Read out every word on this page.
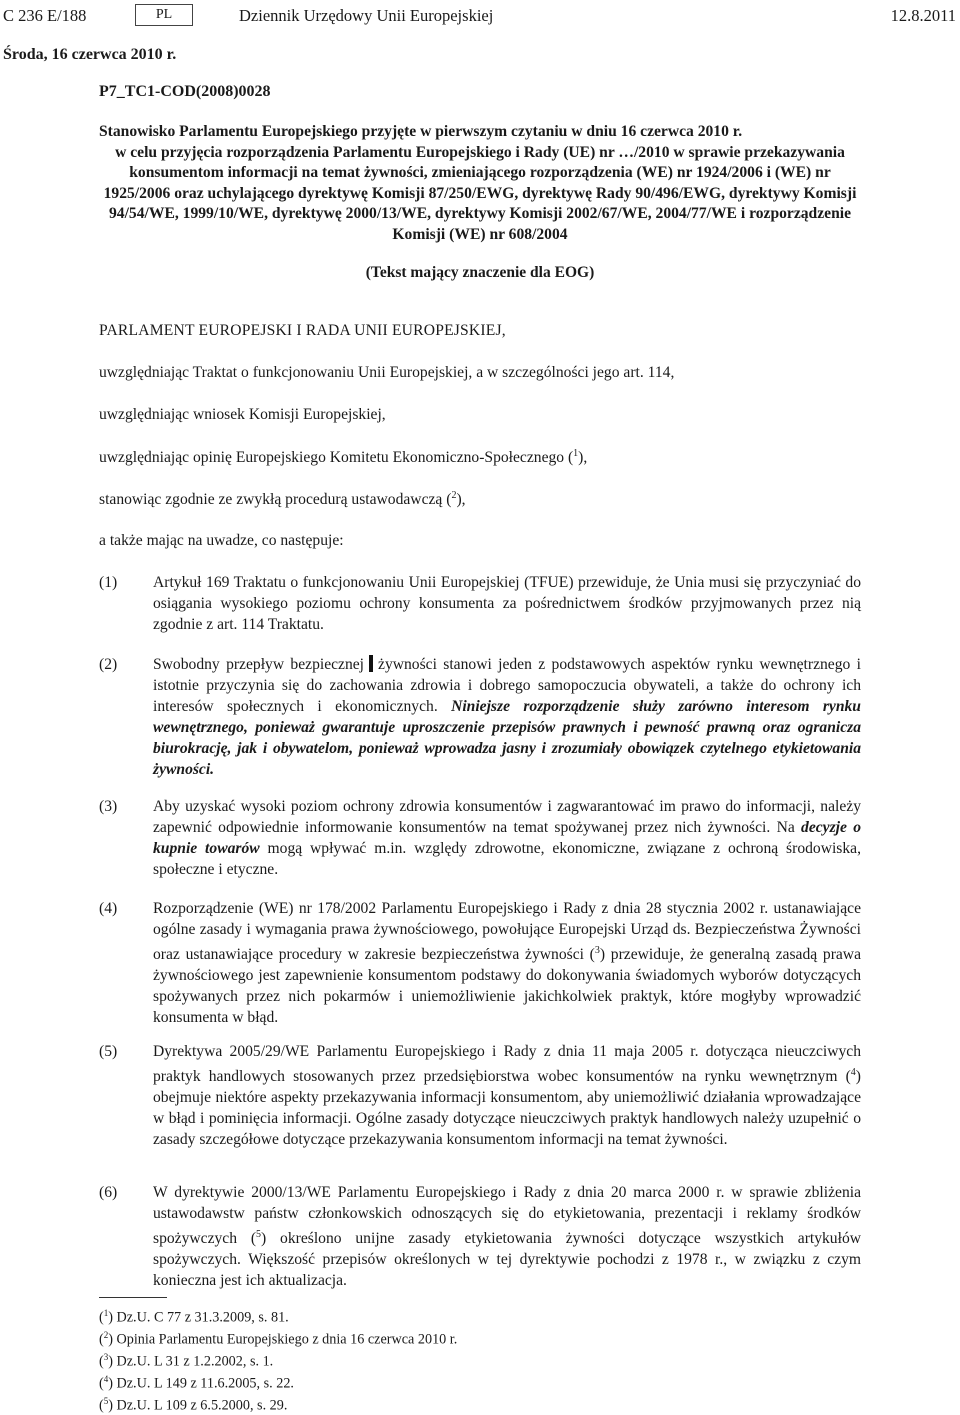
C 236 E/188	PL	Dziennik Urzędowy Unii Europejskiej	12.8.2011
Środa, 16 czerwca 2010 r.
P7_TC1-COD(2008)0028
Stanowisko Parlamentu Europejskiego przyjęte w pierwszym czytaniu w dniu 16 czerwca 2010 r.
w celu przyjęcia rozporządzenia Parlamentu Europejskiego i Rady (UE) nr …/2010 w sprawie przekazywania konsumentom informacji na temat żywności, zmieniającego rozporządzenia (WE) nr 1924/2006 i (WE) nr 1925/2006 oraz uchylającego dyrektywę Komisji 87/250/EWG, dyrektywę Rady 90/496/EWG, dyrektywy Komisji 94/54/WE, 1999/10/WE, dyrektywę 2000/13/WE, dyrektywy Komisji 2002/67/WE, 2004/77/WE i rozporządzenie Komisji (WE) nr 608/2004
(Tekst mający znaczenie dla EOG)
PARLAMENT EUROPEJSKI I RADA UNII EUROPEJSKIEJ,
uwzględniając Traktat o funkcjonowaniu Unii Europejskiej, a w szczególności jego art. 114,
uwzględniając wniosek Komisji Europejskiej,
uwzględniając opinię Europejskiego Komitetu Ekonomiczno-Społecznego ($^1$),
stanowiąc zgodnie ze zwykłą procedurą ustawodawczą ($^2$),
a także mając na uwadze, co następuje:
(1) Artykuł 169 Traktatu o funkcjonowaniu Unii Europejskiej (TFUE) przewiduje, że Unia musi się przyczyniać do osiągania wysokiego poziomu ochrony konsumenta za pośrednictwem środków przyjmowanych przez nią zgodnie z art. 114 Traktatu.
(2) Swobodny przepływ bezpiecznej żywności stanowi jeden z podstawowych aspektów rynku wewnętrznego i istotnie przyczynia się do zachowania zdrowia i dobrego samopoczucia obywateli, a także do ochrony ich interesów społecznych i ekonomicznych. Niniejsze rozporządzenie służy zarówno interesom rynku wewnętrznego, ponieważ gwarantuje uproszczenie przepisów prawnych i pewność prawną oraz ogranicza biurokrację, jak i obywatelom, ponieważ wprowadza jasny i zrozumiały obowiązek czytelnego etykietowania żywności.
(3) Aby uzyskać wysoki poziom ochrony zdrowia konsumentów i zagwarantować im prawo do informacji, należy zapewnić odpowiednie informowanie konsumentów na temat spożywanej przez nich żywności. Na decyzje o kupnie towarów mogą wpływać m.in. względy zdrowotne, ekonomiczne, związane z ochroną środowiska, społeczne i etyczne.
(4) Rozporządzenie (WE) nr 178/2002 Parlamentu Europejskiego i Rady z dnia 28 stycznia 2002 r. ustanawiające ogólne zasady i wymagania prawa żywnościowego, powołujące Europejski Urząd ds. Bezpieczeństwa Żywności oraz ustanawiające procedury w zakresie bezpieczeństwa żywności ($^3$) przewiduje, że generalną zasadą prawa żywnościowego jest zapewnienie konsumentom podstawy do dokonywania świadomych wyborów dotyczących spożywanych przez nich pokarmów i uniemożliwienie jakichkolwiek praktyk, które mogłyby wprowadzić konsumenta w błąd.
(5) Dyrektywa 2005/29/WE Parlamentu Europejskiego i Rady z dnia 11 maja 2005 r. dotycząca nieuczciwych praktyk handlowych stosowanych przez przedsiębiorstwa wobec konsumentów na rynku wewnętrznym ($^4$) obejmuje niektóre aspekty przekazywania informacji konsumentom, aby uniemożliwić działania wprowadzające w błąd i pominięcia informacji. Ogólne zasady dotyczące nieuczciwych praktyk handlowych należy uzupełnić o zasady szczegółowe dotyczące przekazywania konsumentom informacji na temat żywności.
(6) W dyrektywie 2000/13/WE Parlamentu Europejskiego i Rady z dnia 20 marca 2000 r. w sprawie zbliżenia ustawodawstw państw członkowskich odnoszących się do etykietowania, prezentacji i reklamy środków spożywczych ($^5$) określono unijne zasady etykietowania żywności dotyczące wszystkich artykułów spożywczych. Większość przepisów określonych w tej dyrektywie pochodzi z 1978 r., w związku z czym konieczna jest ich aktualizacja.
($^1$) Dz.U. C 77 z 31.3.2009, s. 81.
($^2$) Opinia Parlamentu Europejskiego z dnia 16 czerwca 2010 r.
($^3$) Dz.U. L 31 z 1.2.2002, s. 1.
($^4$) Dz.U. L 149 z 11.6.2005, s. 22.
($^5$) Dz.U. L 109 z 6.5.2000, s. 29.
